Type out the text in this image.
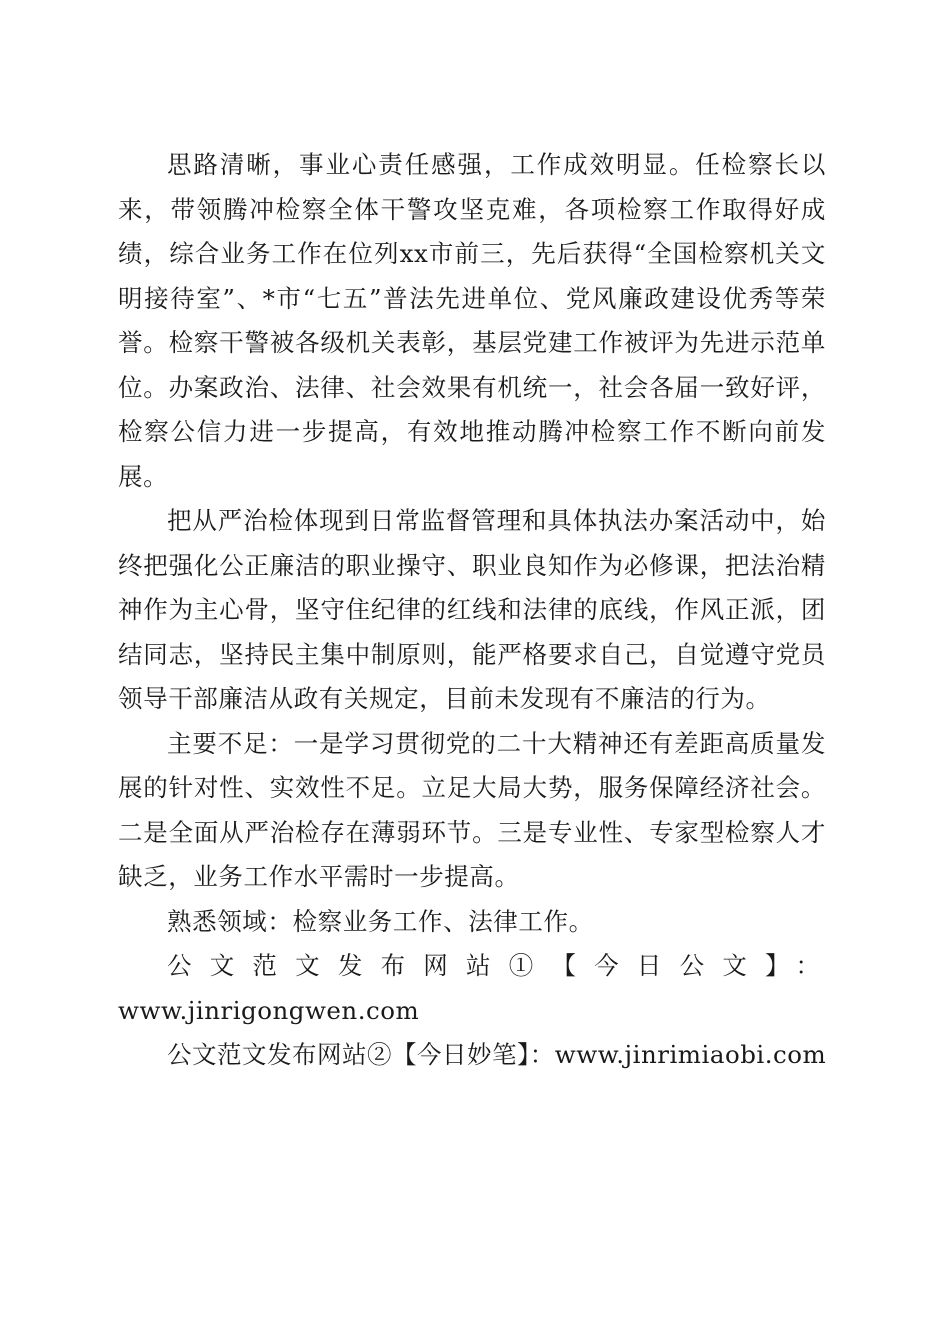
思路清晰，事业心责任感强，工作成效明显。任检察长以来，带领腾冲检察全体干警攻坚克难，各项检察工作取得好成绩，综合业务工作在位列xx市前三，先后获得“全国检察机关文明接待室”、*市“七五”普法先进单位、党风廉政建设优秀等荣誉。检察干警被各级机关表彰，基层党建工作被评为先进示范单位。办案政治、法律、社会效果有机统一，社会各届一致好评，检察公信力进一步提高，有效地推动腾冲检察工作不断向前发展。

把从严治检体现到日常监督管理和具体执法办案活动中，始终把强化公正廉洁的职业操守、职业良知作为必修课，把法治精神作为主心骨，坚守住纪律的红线和法律的底线，作风正派，团结同志，坚持民主集中制原则，能严格要求自己，自觉遵守党员领导干部廉洁从政有关规定，目前未发现有不廉洁的行为。

主要不足：一是学习贯彻党的二十大精神还有差距高质量发展的针对性、实效性不足。立足大局大势，服务保障经济社会。二是全面从严治检存在薄弱环节。三是专业性、专家型检察人才缺乏，业务工作水平需时一步提高。

熟悉领域：检察业务工作、法律工作。

公文范文发布网站①【今日公文】：

www.jinrigongwen.com

公文范文发布网站②【今日妙笔】：www.jinrimiaobi.com
